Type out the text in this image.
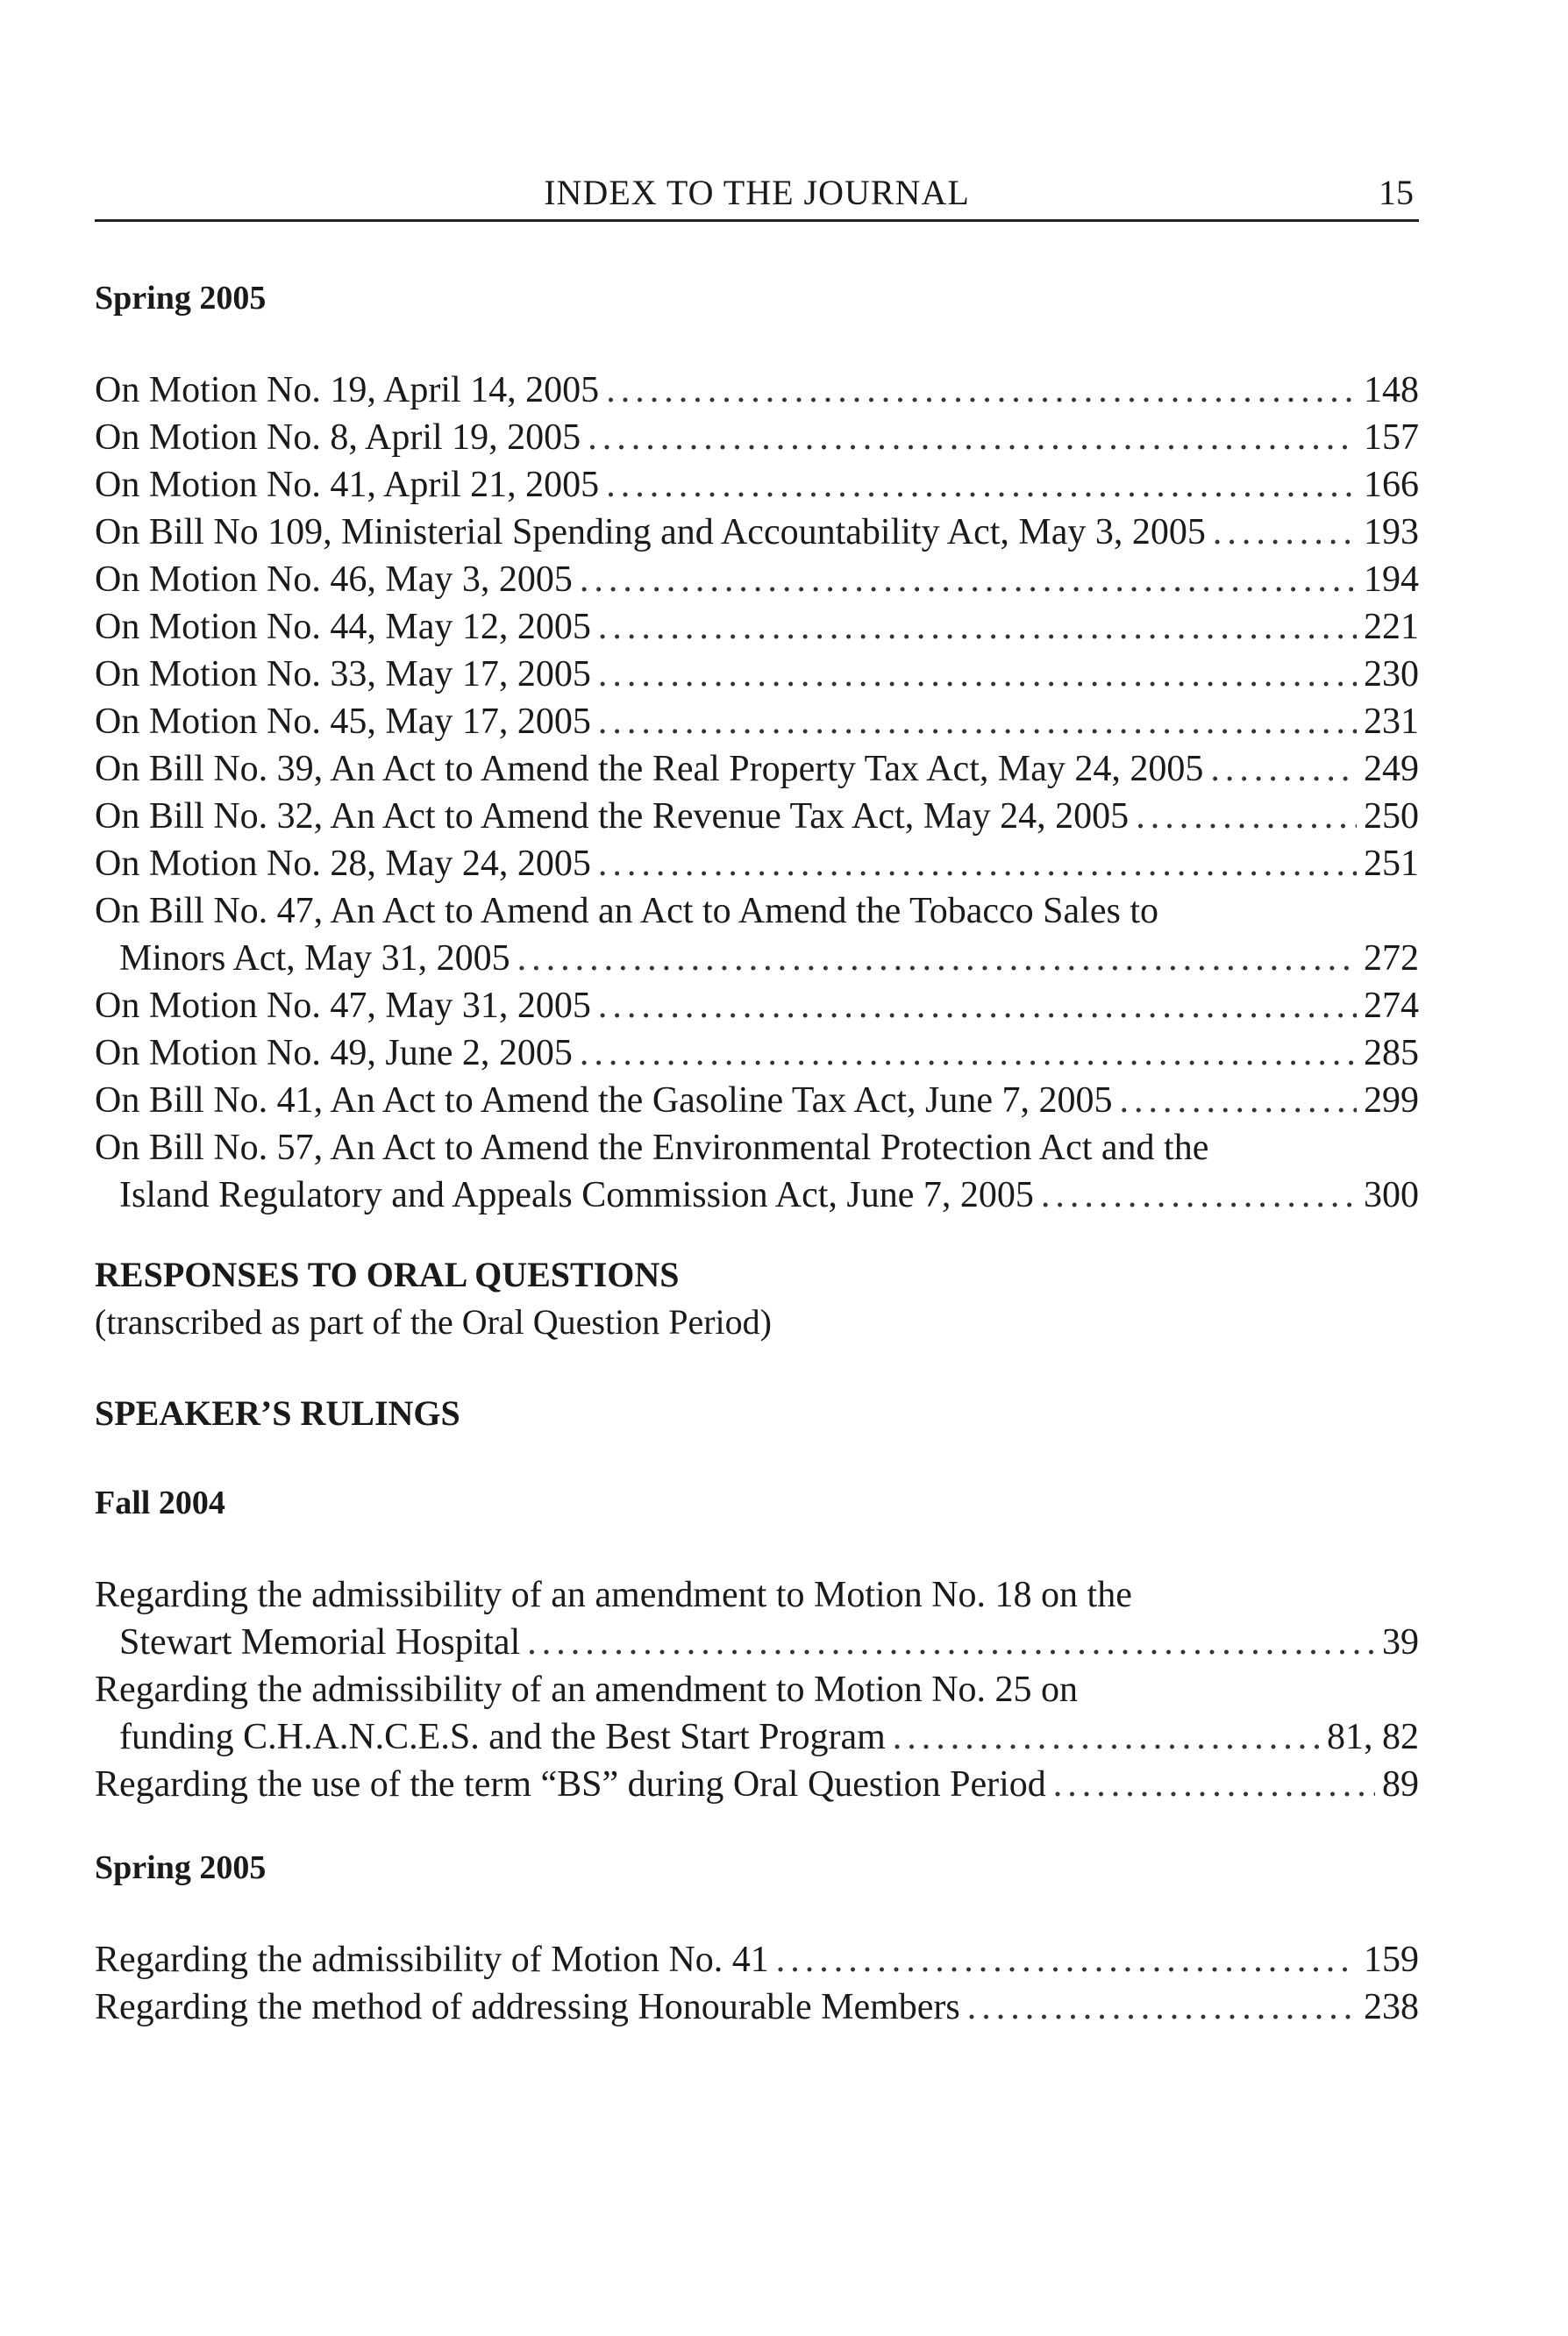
INDEX TO THE JOURNAL	15
Spring 2005
On Motion No. 19, April 14, 2005 .....	148
On Motion No. 8, April 19, 2005 .....	157
On Motion No. 41, April 21, 2005 .....	166
On Bill No 109, Ministerial Spending and Accountability Act, May 3, 2005 .....	193
On Motion No. 46, May 3, 2005 .....	194
On Motion No. 44, May 12, 2005 .....	221
On Motion No. 33, May 17, 2005 .....	230
On Motion No. 45, May 17, 2005 .....	231
On Bill No. 39, An Act to Amend the Real Property Tax Act, May 24, 2005 .....	249
On Bill No. 32, An Act to Amend the Revenue Tax Act, May 24, 2005 .....	250
On Motion No. 28, May 24, 2005 .....	251
On Bill No. 47, An Act to Amend an Act to Amend the Tobacco Sales to
Minors Act, May 31, 2005 .....	272
On Motion No. 47, May 31, 2005 .....	274
On Motion No. 49, June 2, 2005 .....	285
On Bill No. 41, An Act to Amend the Gasoline Tax Act, June 7, 2005 .....	299
On Bill No. 57, An Act to Amend the Environmental Protection Act and the
Island Regulatory and Appeals Commission Act, June 7, 2005 .....	300
RESPONSES TO ORAL QUESTIONS
(transcribed as part of the Oral Question Period)
SPEAKER’S RULINGS
Fall 2004
Regarding the admissibility of an amendment to Motion No. 18 on the
Stewart Memorial Hospital .....	39
Regarding the admissibility of an amendment to Motion No. 25 on
funding C.H.A.N.C.E.S. and the Best Start Program .....	81, 82
Regarding the use of the term “BS” during Oral Question Period .....	89
Spring 2005
Regarding the admissibility of Motion No. 41 .....	159
Regarding the method of addressing Honourable Members .....	238
